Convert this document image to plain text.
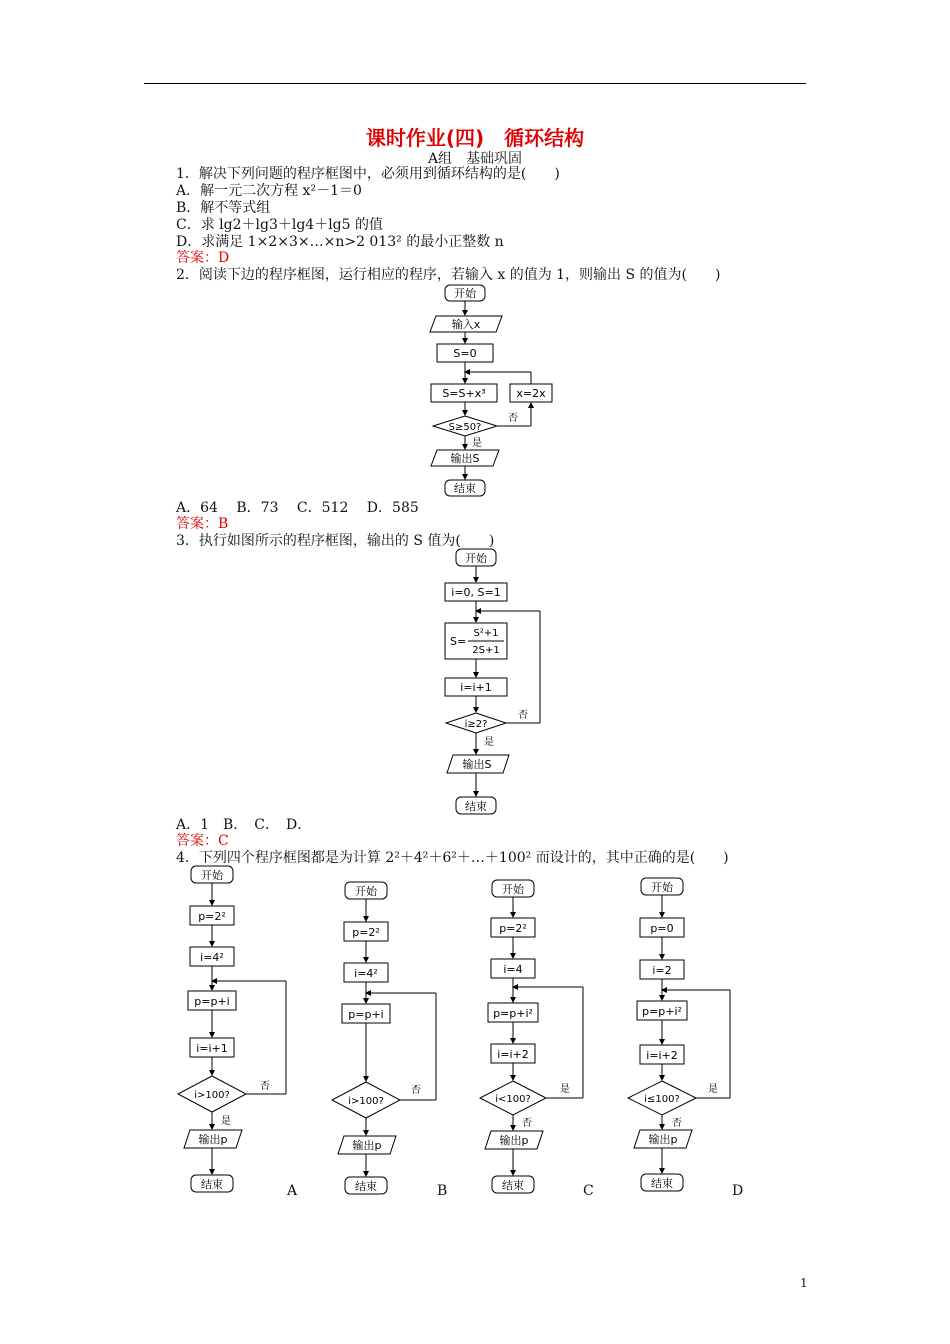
课时作业(四)　循环结构
A组　基础巩固
1．解决下列问题的程序框图中，必须用到循环结构的是(　　)
A．解一元二次方程 x²－1＝0
B．解不等式组
C．求 lg2＋lg3＋lg4＋lg5 的值
D．求满足 1×2×3×…×n>2 013² 的最小正整数 n
答案：D
2．阅读下边的程序框图，运行相应的程序，若输入 x 的值为 1，则输出 S 的值为(　　)
开始
输入x
S=0
S=S+x³	x=2x
S≥50?
否
是
输出S
结束
A．64　 B．73　 C．512　 D．585
答案：B
3．执行如图所示的程序框图，输出的 S 值为(　　)
开始
i=0, S=1
S=
S²+1
2S+1
i=i+1
i≥2?
否
是
输出S
结束
A．1　B．　C．　D．
答案：C
4．下列四个程序框图都是为计算 2²＋4²＋6²＋…＋100² 而设计的，其中正确的是(　　)
开始
p=2²
i=4²
p=p+i
i=i+1
i>100?
否
是
输出p
结束
开始
p=2²
i=4²
p=p+i
i>100?
否
输出p
结束
开始
p=2²
i=4
p=p+i²
i=i+2
i<100?
是
否
输出p
结束
开始
p=0
i=2
p=p+i²
i=i+2
i≤100?
是
否
输出p
结束
A	B	C	D
1
